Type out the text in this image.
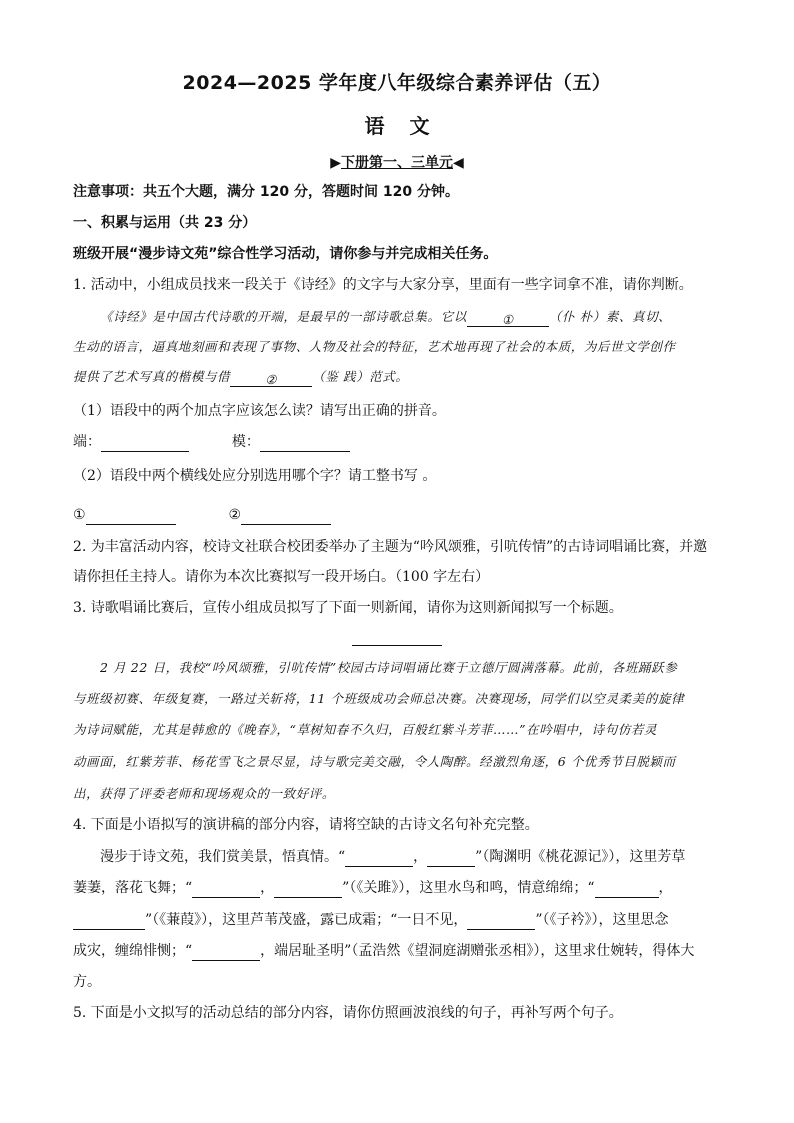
2024—2025 学年度八年级综合素养评估（五）
语 文
▶下册第一、三单元◀
注意事项：共五个大题，满分 120 分，答题时间 120 分钟。
一、积累与运用（共 23 分）
班级开展“漫步诗文苑”综合性学习活动，请你参与并完成相关任务。
1. 活动中，小组成员找来一段关于《诗经》的文字与大家分享，里面有一些字词拿不准，请你判断。
《诗经》是中国古代诗歌的开端，是最早的一部诗歌总集。它以	①	（仆 朴）素、真切、
生动的语言，逼真地刻画和表现了事物、人物及社会的特征，艺术地再现了社会的本质，为后世文学创作
提供了艺术写真的楷模与借	②	（鉴 践）范式。
（1）语段中的两个加点字应该怎么读？请写出正确的拼音。
端：	模：
（2）语段中两个横线处应分别选用哪个字？请工整书写 。
①	②
2. 为丰富活动内容，校诗文社联合校团委举办了主题为“吟风颂雅，引吭传情”的古诗词唱诵比赛，并邀
请你担任主持人。请你为本次比赛拟写一段开场白。（100 字左右）
3. 诗歌唱诵比赛后，宣传小组成员拟写了下面一则新闻，请你为这则新闻拟写一个标题。
2 月 22 日，我校“吟风颂雅，引吭传情”校园古诗词唱诵比赛于立德厅圆满落幕。此前，各班踊跃参
与班级初赛、年级复赛，一路过关斩将，11 个班级成功会师总决赛。决赛现场，同学们以空灵柔美的旋律
为诗词赋能，尤其是韩愈的《晚春》，“草树知春不久归，百般红紫斗芳菲……”在吟唱中，诗句仿若灵
动画面，红紫芳菲、杨花雪飞之景尽显，诗与歌完美交融，令人陶醉。经激烈角逐，6 个优秀节目脱颖而
出，获得了评委老师和现场观众的一致好评。
4. 下面是小语拟写的演讲稿的部分内容，请将空缺的古诗文名句补充完整。
漫步于诗文苑，我们赏美景，悟真情。“	，	”（陶渊明《桃花源记》），这里芳草
萋萋，落花飞舞；“	，	”（《关雎》），这里水鸟和鸣，情意绵绵；“	，
”（《蒹葭》），这里芦苇茂盛，露已成霜；“一日不见，	”（《子衿》），这里思念
成灾，缠绵悱恻；“	，端居耻圣明”（孟浩然《望洞庭湖赠张丞相》），这里求仕婉转，得体大
方。
5. 下面是小文拟写的活动总结的部分内容，请你仿照画波浪线的句子，再补写两个句子。
